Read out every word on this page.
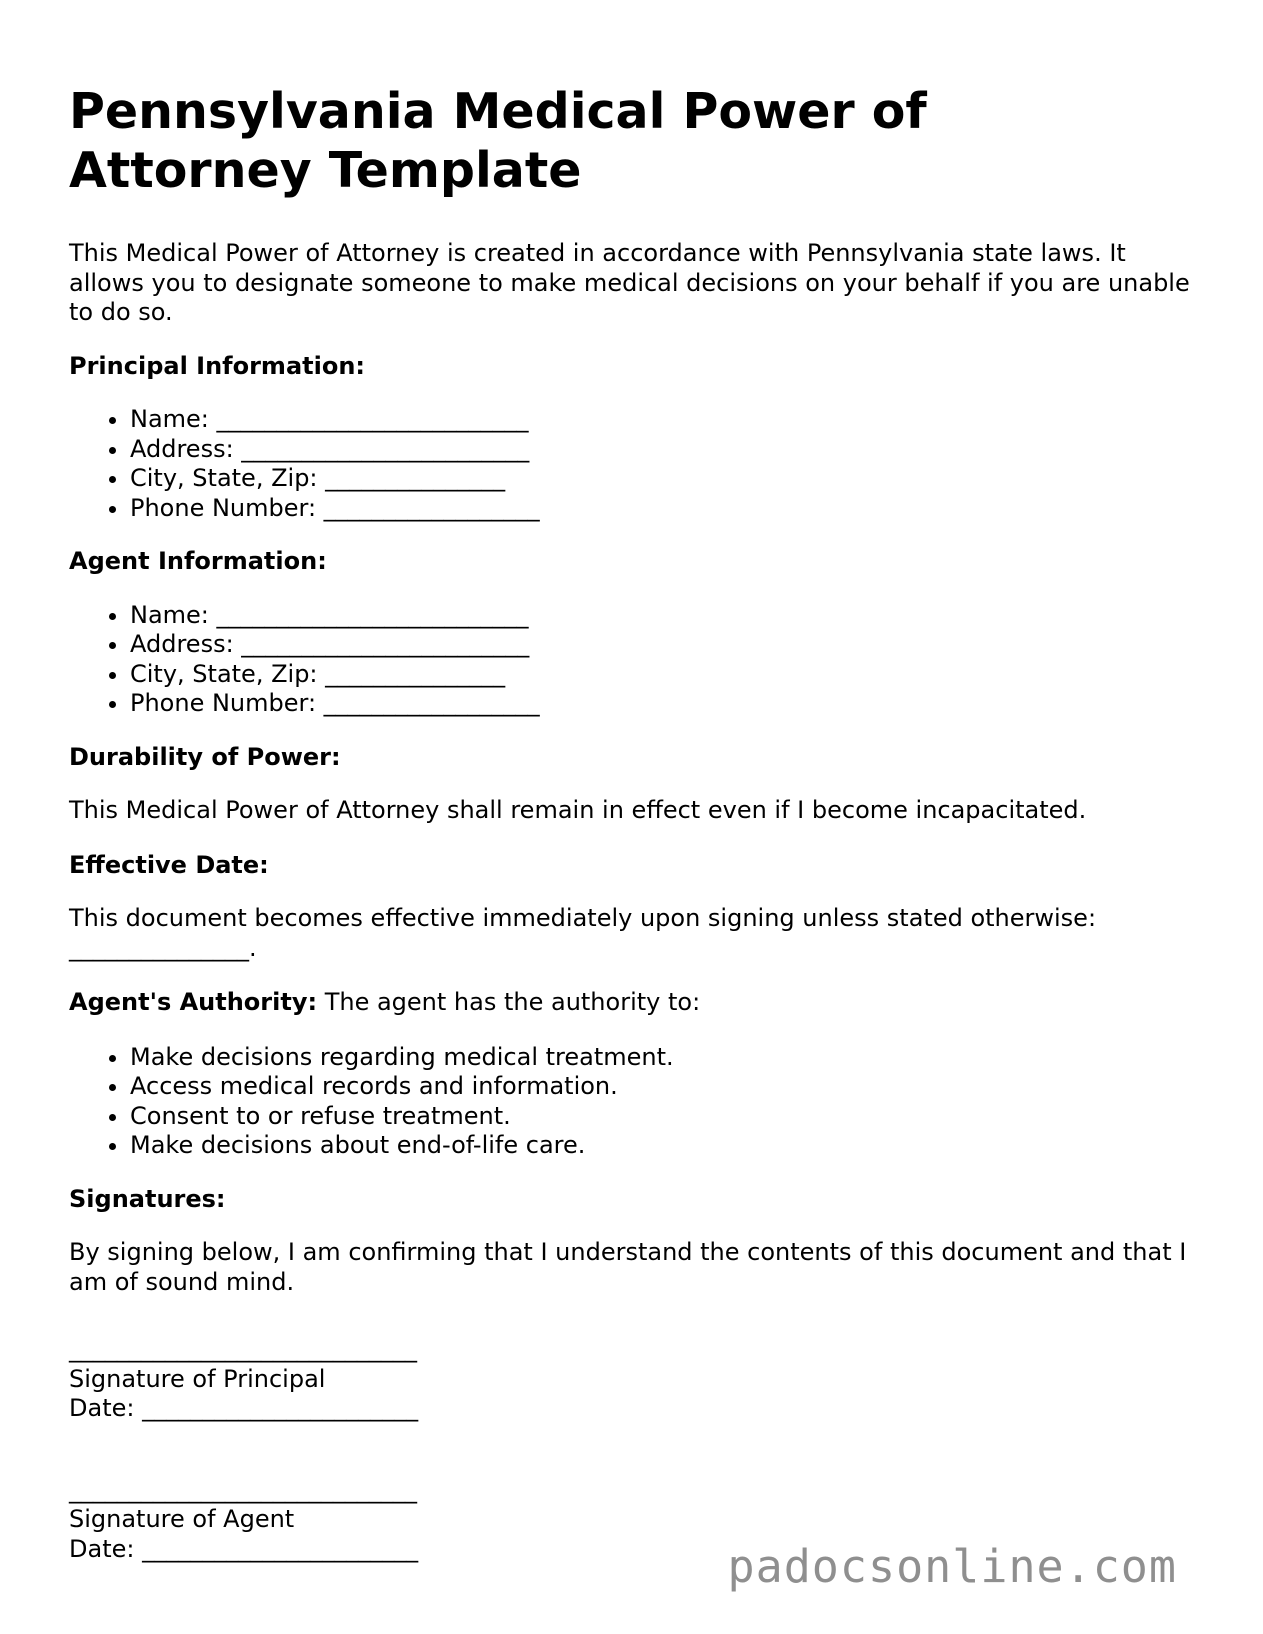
Pennsylvania Medical Power of Attorney Template

This Medical Power of Attorney is created in accordance with Pennsylvania state laws. It allows you to designate someone to make medical decisions on your behalf if you are unable to do so.

Principal Information:
• Name: __________________________
• Address: ________________________
• City, State, Zip: _______________
• Phone Number: __________________
Agent Information:
• Name: __________________________
• Address: ________________________
• City, State, Zip: _______________
• Phone Number: __________________
Durability of Power:

This Medical Power of Attorney shall remain in effect even if I become incapacitated.

Effective Date:

This document becomes effective immediately upon signing unless stated otherwise: _______________.

Agent's Authority: The agent has the authority to:

• Make decisions regarding medical treatment.
• Access medical records and information.
• Consent to or refuse treatment.
• Make decisions about end-of-life care.
Signatures:

By signing below, I am confirming that I understand the contents of this document and that I am of sound mind.

_____________________________
Signature of Principal
Date: _______________________
_____________________________
Signature of Agent
Date: _______________________	padocsonline.com
